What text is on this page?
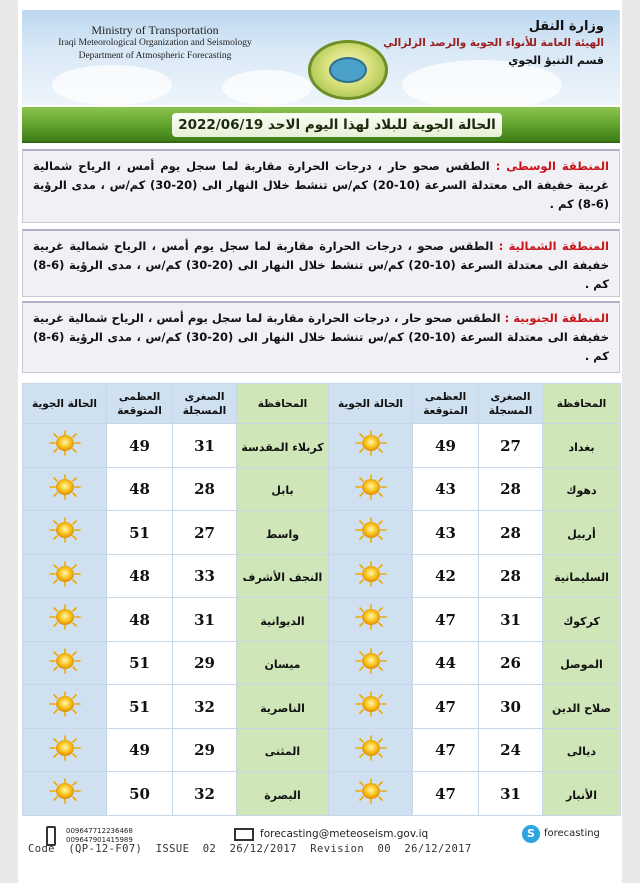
Ministry of Transportation
Iraqi Meteorological Organization and Seismology
Department of Atmospheric Forecasting
وزارة النقل
الهيئة العامة للأنواء الجوية والرصد الزلزالي
قسم التنبؤ الجوي
الحالة الجوية للبلاد لهذا اليوم الاحد 2022/06/19
المنطقة الوسطى : الطقس صحو حار ، درجات الحرارة مقاربة لما سجل يوم أمس ، الرياح شمالية غربية خفيفة الى معتدلة السرعة (10-20) كم/س تنشط خلال النهار الى (20-30) كم/س ، مدى الرؤية (6-8) كم .
المنطقة الشمالية : الطقس صحو ، درجات الحرارة مقاربة لما سجل يوم أمس ، الرياح شمالية غربية خفيفة الى معتدلة السرعة (10-20) كم/س تنشط خلال النهار الى (20-30) كم/س ، مدى الرؤية (6-8) كم .
المنطقة الجنوبية : الطقس صحو حار ، درجات الحرارة مقاربة لما سجل يوم أمس ، الرياح شمالية غربية خفيفة الى معتدلة السرعة (10-20) كم/س تنشط خلال النهار الى (20-30) كم/س ، مدى الرؤية (6-8) كم .
الحالة الجوية	العظمى المتوقعة	الصغرى المسجلة	المحافظة	الحالة الجوية	العظمى المتوقعة	الصغرى المسجلة	المحافظة

	49	31	كربلاء المقدسة		49	27	بغداد

	48	28	بابل		43	28	دهوك

	51	27	واسط		43	28	أربيل

	48	33	النجف الأشرف		42	28	السليمانية

	48	31	الديوانية		47	31	كركوك

	51	29	ميسان		44	26	الموصل

	51	32	الناصرية		47	30	صلاح الدين

	49	29	المثنى		47	24	ديالى

	50	32	البصرة		47	31	الأنبار
009647712236468
009647901415989	forecasting@meteoseism.gov.iq	S forecasting
Code  (QP-12-F07)  ISSUE  02  26/12/2017  Revision  00  26/12/2017
